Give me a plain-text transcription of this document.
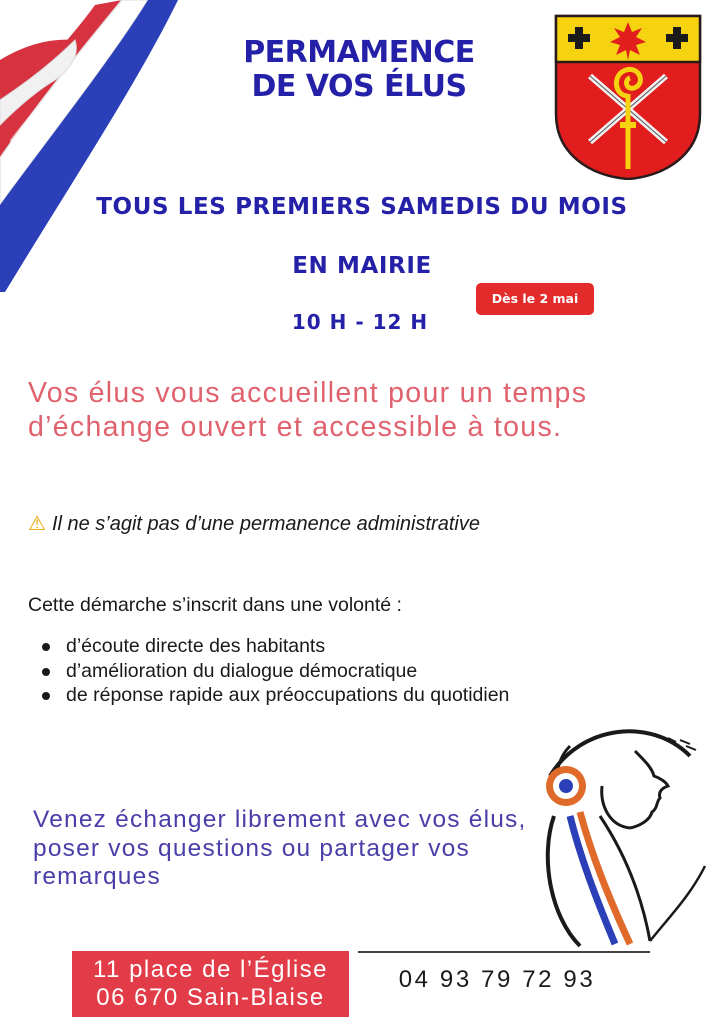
PERMAMENCE
DE VOS ÉLUS
TOUS LES PREMIERS SAMEDIS DU MOIS
EN MAIRIE
10 H - 12 H
Dès le 2 mai
Vos élus vous accueillent pour un temps d’échange ouvert et accessible à tous.
⚠ Il ne s’agit pas d’une permanence administrative
Cette démarche s’inscrit dans une volonté :
d’écoute directe des habitants
d’amélioration du dialogue démocratique
de réponse rapide aux préoccupations du quotidien
Venez échanger librement avec vos élus, poser vos questions ou partager vos remarques
11 place de l’Église
06 670 Sain-Blaise
04 93 79 72 93
